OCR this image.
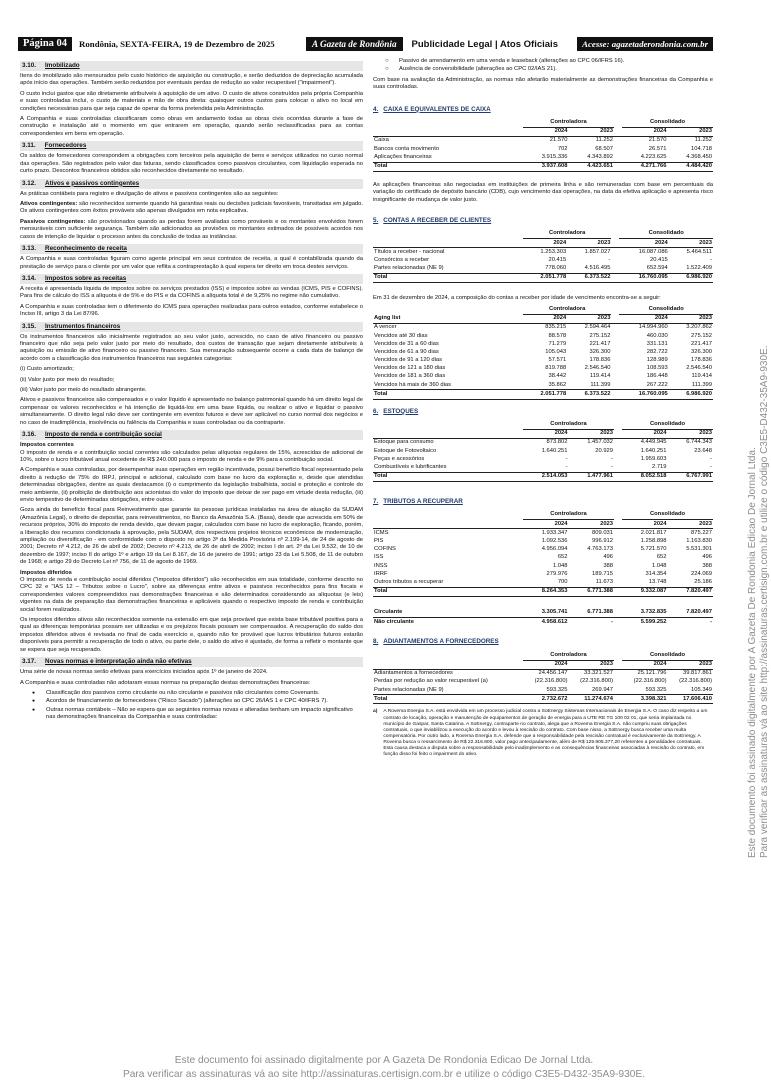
Página 04	Rondônia, SEXTA-FEIRA, 19 de Dezembro de 2025	A Gazeta de Rondônia	Publicidade Legal | Atos Oficiais	Acesse: agazetaderondonia.com.br
3.10. Imobilizado

Itens do imobilizado são mensurados pelo custo histórico de aquisição ou construção, e serão deduzidos de depreciação acumulada após início das operações. Também serão reduzidos por eventuais perdas de redução ao valor recuperável ("impairment").

O custo inclui gastos que são diretamente atribuíveis à aquisição de um ativo. O custo de ativos construídos pela própria Companhia e suas controladas inclui, o custo de materiais e mão de obra direta: quaisquer outros custos para colocar o ativo no local em condições necessárias para que seja capaz de operar da forma pretendida pela Administração.

A Companhia e suas controladas classificaram como obras em andamento todas as obras civis ocorridas durante a fase de construção e instalação até o momento em que entrarem em operação, quando serão reclassificadas para as contas correspondentes em bens em operação.

3.11. Fornecedores

Os saldos de fornecedores correspondem a obrigações com terceiros pela aquisição de bens e serviços utilizados no curso normal das operações. São registrados pelo valor das faturas, sendo classificados como passivos circulantes, com liquidação esperada no curto prazo. Descontos financeiros obtidos são reconhecidos diretamente no resultado.

3.12. Ativos e passivos contingentes

As práticas contábeis para registro e divulgação de ativos e passivos contingentes são as seguintes:

Ativos contingentes: são reconhecidos somente quando há garantias reais ou decisões judiciais favoráveis, transitadas em julgado. Os ativos contingentes com êxitos prováveis são apenas divulgados em nota explicativa.

Passivos contingentes: são provisionados quando as perdas forem avaliadas como prováveis e os montantes envolvidos forem mensuráveis com suficiente segurança. Também são adicionados as provisões os montantes estimados de possíveis acordos nos casos de intenção de liquidar o processo antes da conclusão de todas as instâncias.

3.13. Reconhecimento de receita

A Companhia e suas controladas figuram como agente principal em seus contratos de receita, a qual é contabilizada quando da prestação de serviço para o cliente por um valor que reflita a contraprestação à qual espera ter direito em troca destes serviços.

3.14. Impostos sobre as receitas

A receita é apresentada líquida de impostos sobre os serviços prestados (ISS) e impostos sobre as vendas (ICMS, PIS e COFINS). Para fins de cálculo do ISS a alíquota é de 5% e do PIS e da COFINS a alíquota total é de 9,25% no regime não cumulativo.

A Companhia e suas controladas tem o diferimento do ICMS para operações realizadas para outros estados, conforme estabelece o Inciso III, artigo 3 da Lei 87/96.

3.15. Instrumentos financeiros

Os instrumentos financeiros são inicialmente registrados ao seu valor justo, acrescido, no caso de ativo financeiro ou passivo financeiro que não seja pelo valor justo por meio do resultado, dos custos de transação que sejam diretamente atribuíveis à aquisição ou emissão de ativo financeiro ou passivo financeiro. Sua mensuração subsequente ocorre a cada data de balanço de acordo com a classificação dos instrumentos financeiros nas seguintes categorias:

(i) Custo amortizado;

(ii) Valor justo por meio do resultado;

(iii) Valor justo por meio do resultado abrangente.

Ativos e passivos financeiros são compensados e o valor líquido é apresentado no balanço patrimonial quando há um direito legal de compensar os valores reconhecidos e há intenção de liquidá-los em uma base líquida, ou realizar o ativo e liquidar o passivo simultaneamente. O direito legal não deve ser contingente em eventos futuros e deve ser aplicável no curso normal dos negócios e no caso de inadimplência, insolvência ou falência da Companhia e suas controladas ou da contraparte.

3.16. Imposto de renda e contribuição social
Impostos correntes

O imposto de renda e a contribuição social correntes são calculados pelas alíquotas regulares de 15%, acrescidas de adicional de 10%, sobre o lucro tributável anual excedente de R$ 240.000 para o imposto de renda e de 9% para a contribuição social.

A Companhia e suas controladas, por desempenhar suas operações em região incentivada, possui benefício fiscal representado pela direito à redução de 75% do IRPJ, principal e adicional, calculado com base no lucro da exploração e, desde que atendidas determinadas obrigações, dentre as quais destacamos (i) o cumprimento da legislação trabalhista, social e proteção e controle do meio ambiente, (ii) proibição de distribuição aos acionistas do valor do imposto que deixar de ser pago em virtude desta redução, (iii) envio tempestivo de determinadas obrigações, entre outros.

Goza ainda do benefício fiscal para Reinvestimento que garante às pessoas jurídicas instaladas na área de atuação da SUDAM (Amazônia Legal), o direito de depositar, para reinvestimentos, no Banco da Amazônia S.A. (Basa), desde que acrescida em 50% de recursos próprios, 30% do imposto de renda devido, que devam pagar, calculados com base no lucro de exploração, ficando, porém, a liberação dos recursos condicionada à aprovação, pela SUDAM, dos respectivos projetos técnicos econômicos de modernização, ampliação ou diversificação - em conformidade com o disposto no artigo 3º da Medida Provisória nº 2.199-14, de 24 de agosto de 2001; Decreto nº 4.212, de 26 de abril de 2002; Decreto nº 4.213, de 26 de abril de 2002; inciso I do art. 2º da Lei 9.532, de 10 de dezembro de 1997; inciso II do artigo 1º e artigo 19 da Lei 8.167, de 16 de janeiro de 1991; artigo 23 da Lei 5.508, de 11 de outubro de 1968; e artigo 29 do Decreto Lei nº 756, de 11 de agosto de 1969.

Impostos diferidos

O imposto de renda e contribuição social diferidos ("impostos diferidos") são reconhecidos em sua totalidade, conforme descrito no CPC 32 e "IAS 12 – Tributos sobre o Lucro", sobre as diferenças entre ativos e passivos reconhecidos para fins fiscais e correspondentes valores compreendidos nas demonstrações financeiras e são determinados considerando as alíquotas (e leis) vigentes na data de preparação das demonstrações financeiras e aplicáveis quando o respectivo imposto de renda e contribuição social forem realizados.

Os impostos diferidos ativos são reconhecidos somente na extensão em que seja provável que exista base tributável positiva para a qual as diferenças temporárias possam ser utilizadas e os prejuízos fiscais possam ser compensados. A recuperação do saldo dos impostos diferidos ativos é revisada no final de cada exercício e, quando não for provável que lucros tributários futuros estarão disponíveis para permitir a recuperação de todo o ativo, ou parte dele, o saldo do ativo é ajustado, de forma a refletir o montante que se espera que seja recuperado.

3.17. Novas normas e interpretação ainda não efetivas

Uma série de novas normas serão efetivas para exercícios iniciados após 1º de janeiro de 2024.

A Companhia e suas controladas não adotaram essas normas na preparação destas demonstrações financeiras:

● Classificação dos passivos como circulante ou não circulante e passivos não circulantes como Covenants.
● Acordos de financiamento de fornecedores ("Risco Sacado") (alterações ao CPC 26/IAS 1 e CPC 40/IFRS 7).
● Outras normas contábeis – Não se espera que as seguintes normas novas e alteradas tenham um impacto significativo nas demonstrações financeiras da Companhia e suas controladas:
○ Passivo de arrendamento em uma venda e leaseback (alterações ao CPC 06/IFRS 16).
○ Ausência de conversibilidade (alterações ao CPC 02/IAS 21).

Com base na avaliação da Administração, as normas não afetarão materialmente as demonstrações financeiras da Companhia e suas controladas.

4. CAIXA E EQUIVALENTES DE CAIXA
	Controladora			Consolidado	
	2024	2023		2024	2023
Caixa	21.570	11.252		21.570	11.252
Bancos conta movimento	702	68.507		26.571	104.718
Aplicações financeiras	3.915.336	4.343.892		4.223.625	4.368.450
Total	3.937.608	4.423.651		4.271.766	4.484.420

As aplicações financeiras são negociadas em instituições de primeira linha e são remuneradas com base em percentuais da variação do certificado de depósito bancário (CDB), cujo vencimento das operações, na data da efetiva aplicação e apresenta risco insignificante de mudança de valor justo.

5. CONTAS A RECEBER DE CLIENTES
	Controladora			Consolidado	
	2024	2023		2024	2023
Títulos a receber - nacional	1.253.303	1.857.027		16.087.086	5.464.511
Consórcios a receber	20.415	-		20.415	-
Partes relacionadas (NE 9)	778.060	4.516.495		652.594	1.522.409
Total	2.051.778	6.373.522		16.760.095	6.986.920

Em 31 de dezembro de 2024, a composição do contas a receber por idade de vencimento encontra-se a seguir:

	Controladora			Consolidado	
Aging list	2024	2023		2024	2023
A vencer	835.215	2.594.464		14.994.960	3.207.862
Vencidos até 30 dias	88.578	275.152		460.030	275.152
Vencidos de 31 a 60 dias	71.279	221.417		331.131	221.417
Vencidos de 61 a 90 dias	105.043	326.300		282.722	326.300
Vencidos de 91 a 120 dias	57.571	178.836		128.989	178.836
Vencidos de 121 a 180 dias	819.788	2.546.540		108.593	2.546.540
Vencidos de 181 a 360 dias	38.442	119.414		186.448	119.414
Vencidos há mais de 360 dias	35.862	111.399		267.222	111.399
Total	2.051.778	6.373.522		16.760.095	6.986.920
6. ESTOQUES
	Controladora			Consolidado	
	2024	2023		2024	2023
Estoque para consumo	873.802	1.457.032		4.449.945	6.744.343
Estoque de Fotovoltaico	1.640.251	20.929		1.640.251	23.648
Peças e acessórios	-	-		1.959.603	-
Combustíveis e lubrificantes	-	-		2.719	-
Total	2.514.053	1.477.961		8.052.518	6.767.991
7. TRIBUTOS A RECUPERAR
	Controladora			Consolidado	
	2024	2023		2024	2023
ICMS	1.933.347	809.031		2.021.817	875.227
PIS	1.092.536	996.912		1.258.898	1.163.830
COFINS	4.956.094	4.763.173		5.721.570	5.531.301
ISS	652	496		652	496
INSS	1.048	388		1.048	388
IRRF	279.976	189.715		314.354	224.069
Outros tributos a recuperar	700	11.673		13.748	25.186
Total	8.264.353	6.771.388		9.332.087	7.820.497
Circulante	3.305.741	6.771.388		3.732.835	7.820.497
Não circulante	4.958.612	-		5.599.252	-
8. ADIANTAMENTOS A FORNECEDORES
	Controladora			Consolidado	
	2024	2023		2024	2023
Adiantamentos a fornecedores	24.456.147	33.321.527		25.121.796	39.817.861
Perdas por redução ao valor recuperável (a)	(22.316.800)	(22.316.800)		(22.316.800)	(22.316.800)
Partes relacionadas (NE 9)	593.325	269.947		593.325	105.349
Total	2.732.672	11.274.674		3.398.321	17.606.410
a) A Rovema Energia S.A. está envolvida em um processo judicial contra a SoEnergy Sistemas Internacionais de Energia S.A. O caso diz respeito a um contrato de locação, operação e manutenção de equipamentos de geração de energia para a UTE RE TG 100 02 01, que seria implantada no município de Gaspar, Santa Catarina. A SoEnergy, contraparte no contrato, alega que a Rovema Energia S.A. não cumpriu suas obrigações contratuais, o que inviabilizou a execução do acordo e levou à rescisão do contrato. Com base nisso, a SoEnergy busca receber uma multa compensatória. Por outro lado, a Rovema Energia S.A. defende que a responsabilidade pela rescisão contratual é exclusivamente da SoEnergy. A Rovema busca o ressarcimento de R$ 22.316.800, valor pago antecipadamente, além de R$ 129.905.377,20 referentes a penalidades contratuais.
Esta causa destaca a disputa sobre a responsabilidade pelo inadimplemento e as consequências financeiras associadas à rescisão do contrato, em função disso foi feito o impairment do ativo.
Este documento foi assinado digitalmente por A Gazeta De Rondonia Edicao De Jornal Ltda.
Para verificar as assinaturas vá ao site http://assinaturas.certisign.com.br e utilize o código C3E5-D432-35A9-930E.
Este documento foi assinado digitalmente por A Gazeta De Rondonia Edicao De Jornal Ltda. Para verificar as assinaturas vá ao site http://assinaturas.certisign.com.br e utilize o código C3E5-D432-35A9-930E.
